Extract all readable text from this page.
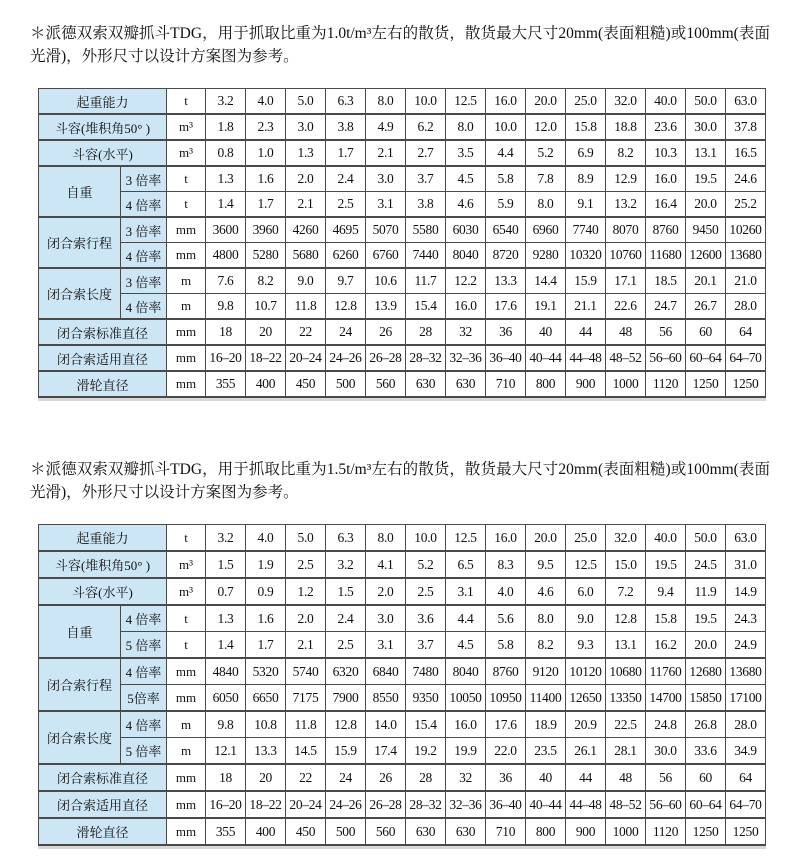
＊派德双索双瓣抓斗TDG，用于抓取比重为1.0t/m³左右的散货，散货最大尺寸20mm(表面粗糙)或100mm(表面光滑)，外形尺寸以设计方案图为参考。

起重能力		t	3.2	4.0	5.0	6.3	8.0	10.0	12.5	16.0	20.0	25.0	32.0	40.0	50.0	63.0
斗容(堆积角50° )		m³	1.8	2.3	3.0	3.8	4.9	6.2	8.0	10.0	12.0	15.8	18.8	23.6	30.0	37.8
斗容(水平)		m³	0.8	1.0	1.3	1.7	2.1	2.7	3.5	4.4	5.2	6.9	8.2	10.3	13.1	16.5
自重	3 倍率	t	1.3	1.6	2.0	2.4	3.0	3.7	4.5	5.8	7.8	8.9	12.9	16.0	19.5	24.6
	4 倍率	t	1.4	1.7	2.1	2.5	3.1	3.8	4.6	5.9	8.0	9.1	13.2	16.4	20.0	25.2
闭合索行程	3 倍率	mm	3600	3960	4260	4695	5070	5580	6030	6540	6960	7740	8070	8760	9450	10260
	4 倍率	mm	4800	5280	5680	6260	6760	7440	8040	8720	9280	10320	10760	11680	12600	13680
闭合索长度	3 倍率	m	7.6	8.2	9.0	9.7	10.6	11.7	12.2	13.3	14.4	15.9	17.1	18.5	20.1	21.0
	4 倍率	m	9.8	10.7	11.8	12.8	13.9	15.4	16.0	17.6	19.1	21.1	22.6	24.7	26.7	28.0
闭合索标准直径		mm	18	20	22	24	26	28	32	36	40	44	48	56	60	64
闭合索适用直径		mm	16–20	18–22	20–24	24–26	26–28	28–32	32–36	36–40	40–44	44–48	48–52	56–60	60–64	64–70
滑轮直径		mm	355	400	450	500	560	630	630	710	800	900	1000	1120	1250	1250

＊派德双索双瓣抓斗TDG，用于抓取比重为1.5t/m³左右的散货，散货最大尺寸20mm(表面粗糙)或100mm(表面光滑)，外形尺寸以设计方案图为参考。

起重能力		t	3.2	4.0	5.0	6.3	8.0	10.0	12.5	16.0	20.0	25.0	32.0	40.0	50.0	63.0
斗容(堆积角50° )		m³	1.5	1.9	2.5	3.2	4.1	5.2	6.5	8.3	9.5	12.5	15.0	19.5	24.5	31.0
斗容(水平)		m³	0.7	0.9	1.2	1.5	2.0	2.5	3.1	4.0	4.6	6.0	7.2	9.4	11.9	14.9
自重	4 倍率	t	1.3	1.6	2.0	2.4	3.0	3.6	4.4	5.6	8.0	9.0	12.8	15.8	19.5	24.3
	5 倍率	t	1.4	1.7	2.1	2.5	3.1	3.7	4.5	5.8	8.2	9.3	13.1	16.2	20.0	24.9
闭合索行程	4 倍率	mm	4840	5320	5740	6320	6840	7480	8040	8760	9120	10120	10680	11760	12680	13680
	5倍率	mm	6050	6650	7175	7900	8550	9350	10050	10950	11400	12650	13350	14700	15850	17100
闭合索长度	4 倍率	m	9.8	10.8	11.8	12.8	14.0	15.4	16.0	17.6	18.9	20.9	22.5	24.8	26.8	28.0
	5 倍率	m	12.1	13.3	14.5	15.9	17.4	19.2	19.9	22.0	23.5	26.1	28.1	30.0	33.6	34.9
闭合索标准直径		mm	18	20	22	24	26	28	32	36	40	44	48	56	60	64
闭合索适用直径		mm	16–20	18–22	20–24	24–26	26–28	28–32	32–36	36–40	40–44	44–48	48–52	56–60	60–64	64–70
滑轮直径		mm	355	400	450	500	560	630	630	710	800	900	1000	1120	1250	1250
